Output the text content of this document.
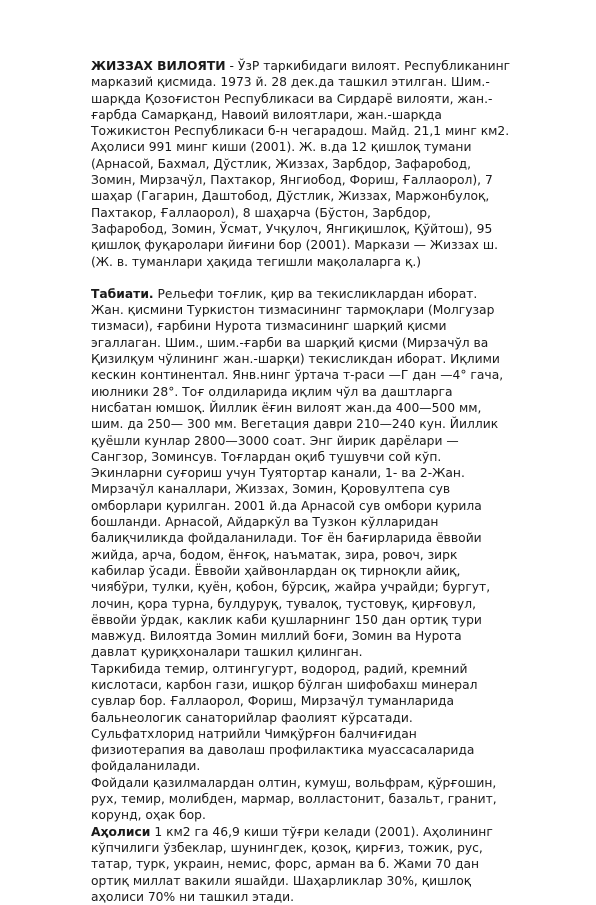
ЖИЗЗАХ ВИЛОЯТИ - ЎзР таркибидаги вилоят. Республиканинг марказий қисмида. 1973 й. 28 дек.да ташкил этилган. Шим.-шарқда Қозоғистон Республикаси ва Сирдарё вилояти, жан.-ғарбда Самарқанд, Навоий вилоятлари, жан.-шарқда Тожикистон Республикаси б-н чегарадош. Майд. 21,1 минг км2. Аҳолиси 991 минг киши (2001). Ж. в.да 12 қишлоқ тумани (Арнасой, Бахмал, Дўстлик, Жиззах, Зарбдор, Зафаробод, Зомин, Мирзачўл, Пахтакор, Янгиобод, Фориш, Ғаллаорол), 7 шаҳар (Гагарин, Даштобод, Дўстлик, Жиззах, Маржонбулоқ, Пахтакор, Ғаллаорол), 8 шаҳарча (Бўстон, Зарбдор, Зафаробод, Зомин, Ўсмат, Учқулоч, Янгиқишлоқ, Қўйтош), 95 қишлоқ фуқаролари йиғини бор (2001). Маркази — Жиззах ш. (Ж. в. туманлари ҳақида тегишли мақолаларга қ.)

Табиати. Рельефи тоғлик, қир ва текисликлардан иборат. Жан. қисмини Туркистон тизмасининг тармоқлари (Молгузар тизмаси), ғарбини Нурота тизмасининг шарқий қисми эгаллаган. Шим., шим.-ғарби ва шарқий қисми (Мирзачўл ва Қизилқум чўлининг жан.-шарқи) текисликдан иборат. Иқлими кескин континентал. Янв.нинг ўртача т-раси —Г дан —4° гача, июлники 28°. Тоғ олдиларида иқлим чўл ва даштларга нисбатан юмшоқ. Йиллик ёғин вилоят жан.да 400—500 мм, шим. да 250— 300 мм. Вегетация даври 210—240 кун. Йиллик қуёшли кунлар 2800—3000 соат. Энг йирик дарёлари — Сангзор, Зоминсув. Тоғлардан оқиб тушувчи сой кўп. Экинларни суғориш учун Туятортар канали, 1- ва 2-Жан. Мирзачўл каналлари, Жиззах, Зомин, Қоровултепа сув омборлари қурилган. 2001 й.да Арнасой сув омбори қурила бошланди. Арнасой, Айдаркўл ва Тузкон кўлларидан балиқчиликда фойдаланилади. Тоғ ён бағирларида ёввойи жийда, арча, бодом, ёнғоқ, наъматак, зира, ровоч, зирк кабилар ўсади. Ёввойи ҳайвонлардан оқ тирноқли айиқ, чиябўри, тулки, қуён, қобон, бўрсиқ, жайра учрайди; бургут, лочин, қора турна, булдуруқ, тувалоқ, тустовуқ, қирғовул, ёввойи ўрдак, каклик каби қушларнинг 150 дан ортиқ тури мавжуд. Вилоятда Зомин миллий боғи, Зомин ва Нурота давлат қуриқхоналари ташкил қилинган.

Таркибида темир, олтингугурт, водород, радий, кремний кислотаси, карбон гази, ишқор бўлган шифобахш минерал сувлар бор. Ғаллаорол, Фориш, Мирзачўл туманларида бальнеологик санаторийлар фаолият кўрсатади. Сульфатхлорид натрийли Чимқўрғон балчиғидан физиотерапия ва даволаш профилактика муассасаларида фойдаланилади.

Фойдали қазилмалардан олтин, кумуш, вольфрам, қўрғошин, рух, темир, молибден, мармар, волластонит, базальт, гранит, корунд, оҳак бор.

Аҳолиси 1 км2 га 46,9 киши тўғри келади (2001). Аҳолининг кўпчилиги ўзбеклар, шунингдек, қозоқ, қирғиз, тожик, рус, татар, турк, украин, немис, форс, арман ва б. Жами 70 дан ортиқ миллат вакили яшайди. Шаҳарликлар 30%, қишлоқ аҳолиси 70% ни ташкил этади.
